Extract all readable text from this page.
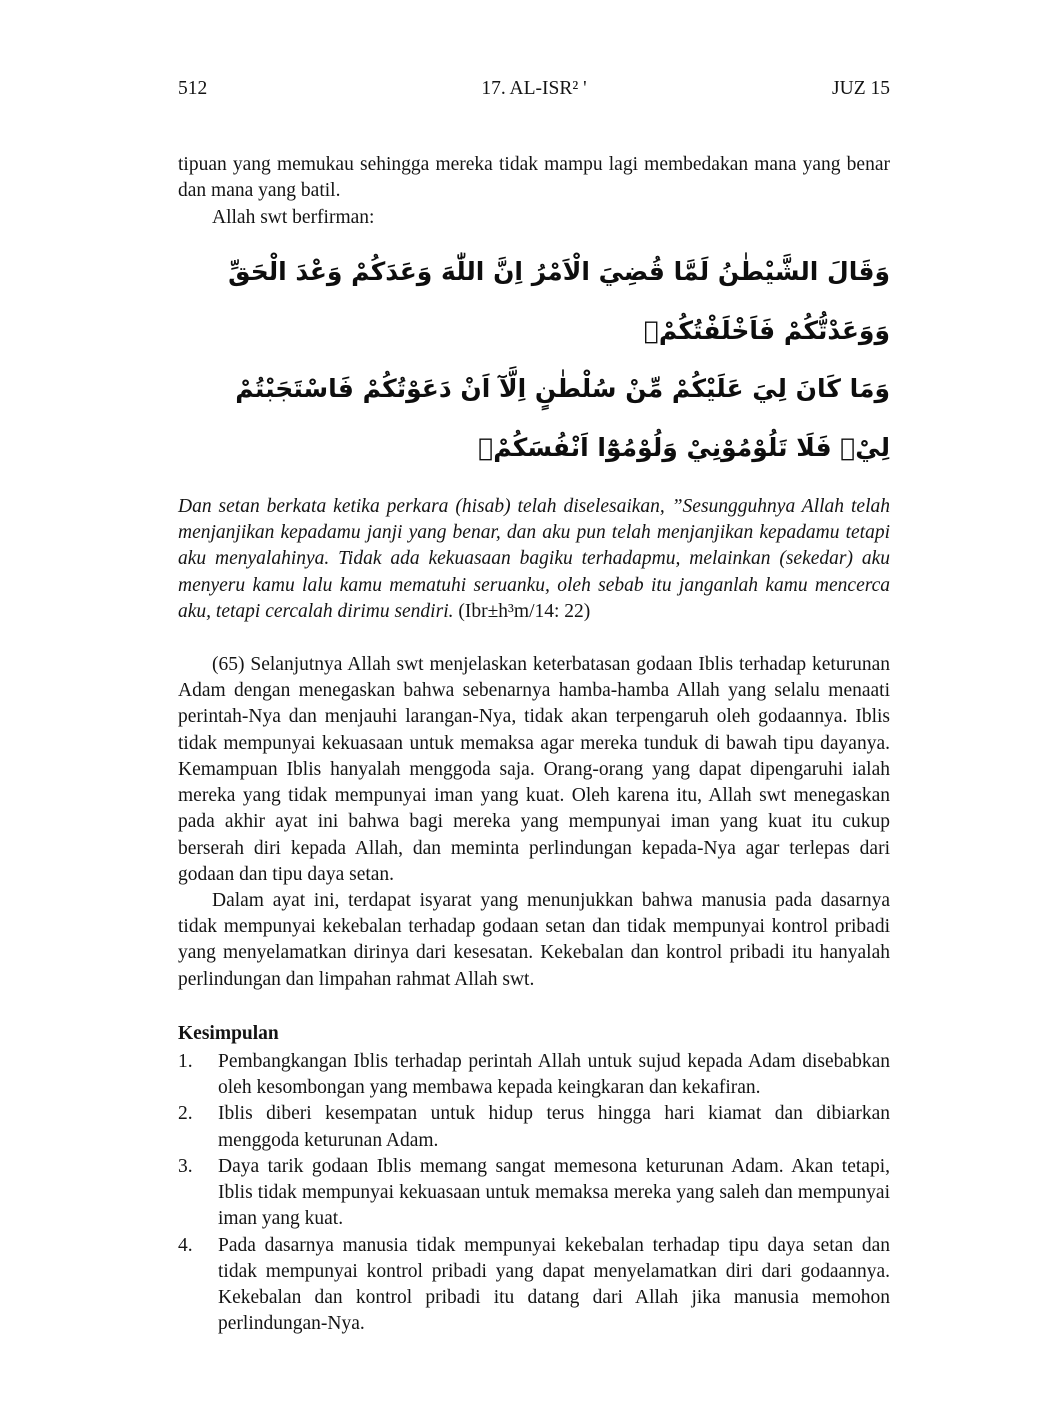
512	17. AL-ISR² '	JUZ 15

tipuan yang memukau sehingga mereka tidak mampu lagi membedakan mana yang benar dan mana yang batil.

Allah swt berfirman:

وَقَالَ الشَّيْطٰنُ لَمَّا قُضِيَ الْاَمْرُ اِنَّ اللّٰهَ وَعَدَكُمْ وَعْدَ الْحَقِّ وَوَعَدْتُّكُمْ فَاَخْلَفْتُكُمْۗ
وَمَا كَانَ لِيَ عَلَيْكُمْ مِّنْ سُلْطٰنٍ اِلَّآ اَنْ دَعَوْتُكُمْ فَاسْتَجَبْتُمْ لِيْۚ فَلَا تَلُوْمُوْنِيْ وَلُوْمُوْٓا اَنْفُسَكُمْۗ

Dan setan berkata ketika perkara (hisab) telah diselesaikan, ”Sesungguhnya Allah telah menjanjikan kepadamu janji yang benar, dan aku pun telah menjanjikan kepadamu tetapi aku menyalahinya. Tidak ada kekuasaan bagiku terhadapmu, melainkan (sekedar) aku menyeru kamu lalu kamu mematuhi seruanku, oleh sebab itu janganlah kamu mencerca aku, tetapi cercalah dirimu sendiri. (Ibr±h³m/14: 22)

(65) Selanjutnya Allah swt menjelaskan keterbatasan godaan Iblis terhadap keturunan Adam dengan menegaskan bahwa sebenarnya hamba-hamba Allah yang selalu menaati perintah-Nya dan menjauhi larangan-Nya, tidak akan terpengaruh oleh godaannya. Iblis tidak mempunyai kekuasaan untuk memaksa agar mereka tunduk di bawah tipu dayanya. Kemampuan Iblis hanyalah menggoda saja. Orang-orang yang dapat dipengaruhi ialah mereka yang tidak mempunyai iman yang kuat. Oleh karena itu, Allah swt menegaskan pada akhir ayat ini bahwa bagi mereka yang mempunyai iman yang kuat itu cukup berserah diri kepada Allah, dan meminta perlindungan kepada-Nya agar terlepas dari godaan dan tipu daya setan.

Dalam ayat ini, terdapat isyarat yang menunjukkan bahwa manusia pada dasarnya tidak mempunyai kekebalan terhadap godaan setan dan tidak mempunyai kontrol pribadi yang menyelamatkan dirinya dari kesesatan. Kekebalan dan kontrol pribadi itu hanyalah perlindungan dan limpahan rahmat Allah swt.

Kesimpulan
1.	Pembangkangan Iblis terhadap perintah Allah untuk sujud kepada Adam disebabkan oleh kesombongan yang membawa kepada keingkaran dan kekafiran.
2.	Iblis diberi kesempatan untuk hidup terus hingga hari kiamat dan dibiarkan menggoda keturunan Adam.
3.	Daya tarik godaan Iblis memang sangat memesona keturunan Adam. Akan tetapi, Iblis tidak mempunyai kekuasaan untuk memaksa mereka yang saleh dan mempunyai iman yang kuat.
4.	Pada dasarnya manusia tidak mempunyai kekebalan terhadap tipu daya setan dan tidak mempunyai kontrol pribadi yang dapat menyelamatkan diri dari godaannya. Kekebalan dan kontrol pribadi itu datang dari Allah jika manusia memohon perlindungan-Nya.
